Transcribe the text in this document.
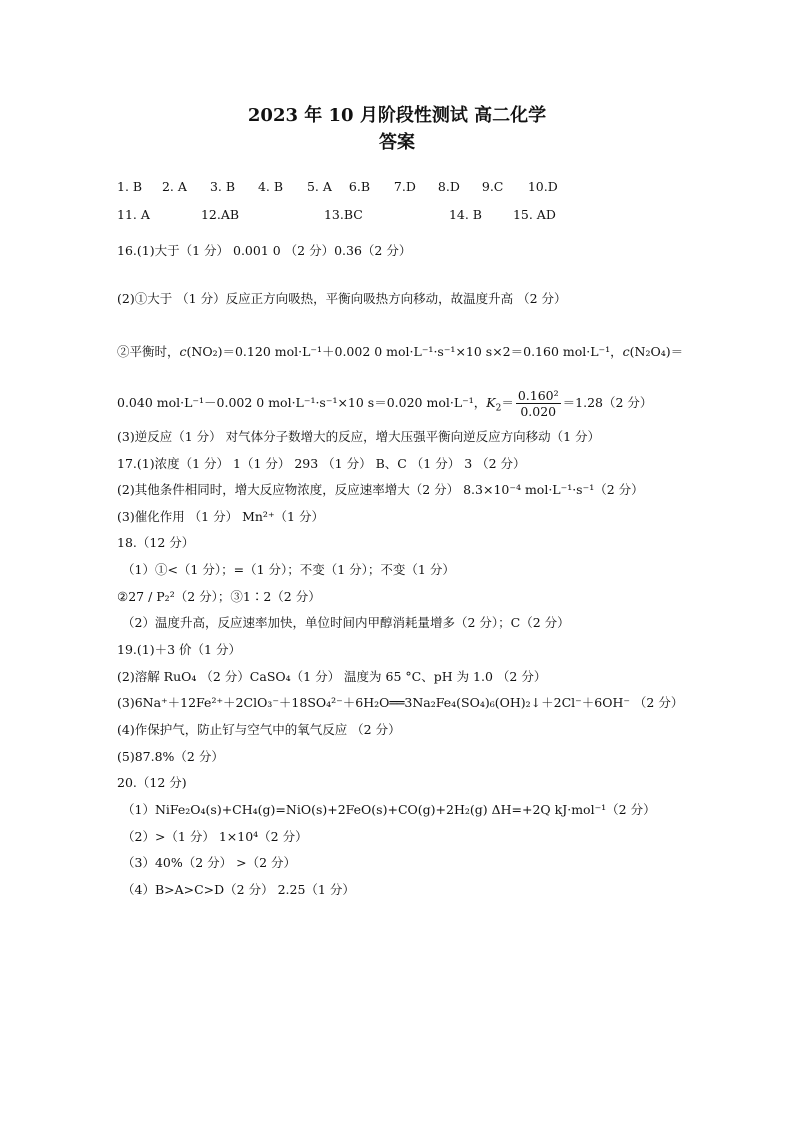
2023 年 10 月阶段性测试 高二化学
答案
1. B 2. A 3. B 4. B 5. A 6.B 7.D 8.D 9.C 10.D
11. A	12.AB	13.BC	14. B 15. AD
16.(1)大于（1 分） 0.001 0 （2 分）0.36（2 分）
(2)①大于 （1 分）反应正方向吸热，平衡向吸热方向移动，故温度升高 （2 分）
②平衡时，c(NO₂)＝0.120 mol·L⁻¹＋0.002 0 mol·L⁻¹·s⁻¹×10 s×2＝0.160 mol·L⁻¹，c(N₂O₄)＝
0.040 mol·L⁻¹－0.002 0 mol·L⁻¹·s⁻¹×10 s＝0.020 mol·L⁻¹，$K_2= \frac{\text{0.160²}}{0.020} =1.28(2$ 分）
(3)逆反应（1 分） 对气体分子数增大的反应，增大压强平衡向逆反应方向移动（1 分）
17.(1)浓度（1 分） 1（1 分） 293 （1 分） B、C （1 分） 3 （2 分）
(2)其他条件相同时，增大反应物浓度，反应速率增大（2 分） 8.3×10⁻⁴ mol·L⁻¹·s⁻¹（2 分）
(3)催化作用 （1 分） Mn²⁺（1 分）
18.（12 分）
（1）①<（1 分）；=（1 分）；不变（1 分）；不变（1 分）
②27 / P₂²（2 分）；③1∶2（2 分）
（2）温度升高，反应速率加快，单位时间内甲醇消耗量增多（2 分）；C（2 分）
19.(1)＋3 价（1 分）
(2)溶解 RuO₄ （2 分）CaSO₄（1 分） 温度为 65 °C、pH 为 1.0 （2 分）
(3)6Na⁺＋12Fe²⁺＋2ClO₃⁻＋18SO₄²⁻＋6H₂O══3Na₂Fe₄(SO₄)₆(OH)₂↓＋2Cl⁻＋6OH⁻ （2 分）
(4)作保护气，防止钌与空气中的氧气反应 （2 分）
(5)87.8%（2 分）
20.（12 分)
（1）NiFe₂O₄(s)+CH₄(g)=NiO(s)+2FeO(s)+CO(g)+2H₂(g) ΔH=+2Q kJ·mol⁻¹（2 分）
（2）>（1 分） 1×10⁴（2 分）
（3）40%（2 分） >（2 分）
（4）B>A>C>D（2 分） 2.25（1 分）
